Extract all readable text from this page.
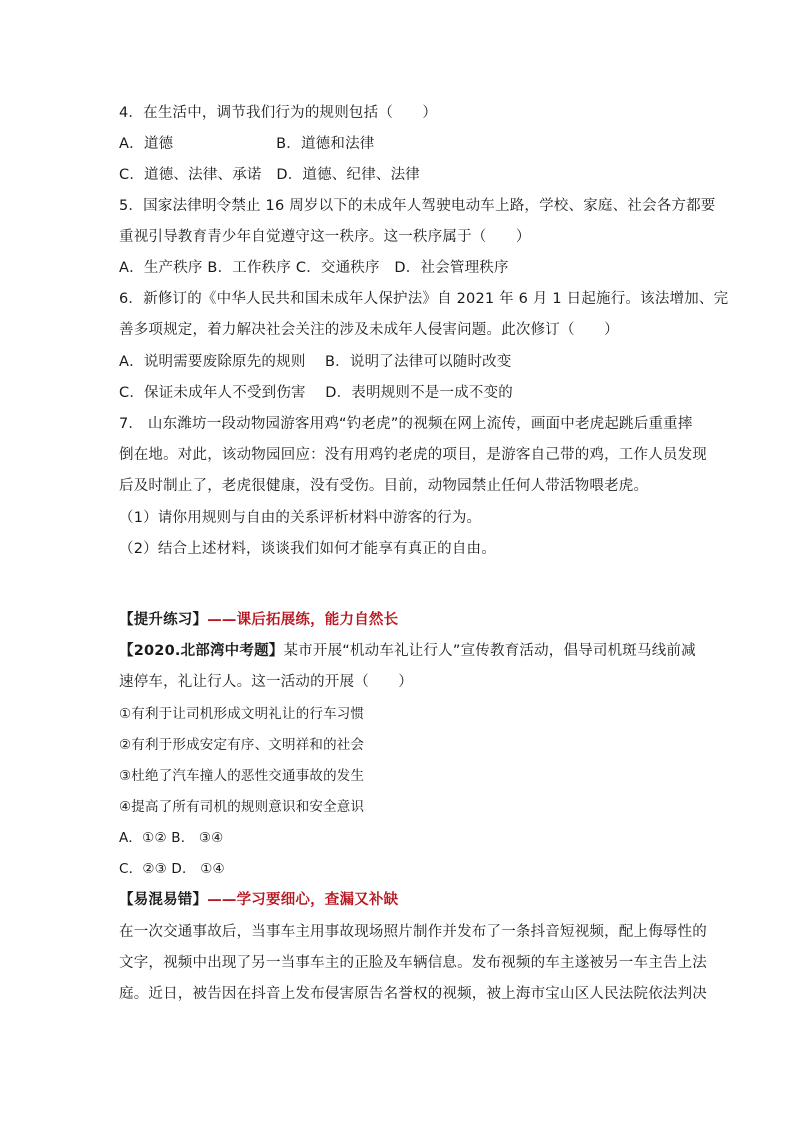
4．在生活中，调节我们行为的规则包括（　　）
A．道德　　　　　　　B．道德和法律
C．道德、法律、承诺　D．道德、纪律、法律
5．国家法律明令禁止 16 周岁以下的未成年人驾驶电动车上路，学校、家庭、社会各方都要
重视引导教育青少年自觉遵守这一秩序。这一秩序属于（　　）
A．生产秩序 B．工作秩序 C．交通秩序　D．社会管理秩序
6．新修订的《中华人民共和国未成年人保护法》自 2021 年 6 月 1 日起施行。该法增加、完
善多项规定，着力解决社会关注的涉及未成年人侵害问题。此次修订（　　）
A．说明需要废除原先的规则　 B．说明了法律可以随时改变
C．保证未成年人不受到伤害　 D．表明规则不是一成不变的
7． 山东潍坊一段动物园游客用鸡“钓老虎”的视频在网上流传，画面中老虎起跳后重重摔
倒在地。对此，该动物园回应：没有用鸡钓老虎的项目，是游客自己带的鸡，工作人员发现
后及时制止了，老虎很健康，没有受伤。目前，动物园禁止任何人带活物喂老虎。
（1）请你用规则与自由的关系评析材料中游客的行为。
（2）结合上述材料，谈谈我们如何才能享有真正的自由。
【提升练习】——课后拓展练，能力自然长
【2020.北部湾中考题】某市开展“机动车礼让行人”宣传教育活动，倡导司机斑马线前减
速停车，礼让行人。这一活动的开展（　　）
①有利于让司机形成文明礼让的行车习惯
②有利于形成安定有序、文明祥和的社会
③杜绝了汽车撞人的恶性交通事故的发生
④提高了所有司机的规则意识和安全意识
A．①② B． ③④
C．②③ D． ①④
【易混易错】——学习要细心，查漏又补缺
在一次交通事故后，当事车主用事故现场照片制作并发布了一条抖音短视频，配上侮辱性的
文字，视频中出现了另一当事车主的正脸及车辆信息。发布视频的车主遂被另一车主告上法
庭。近日，被告因在抖音上发布侵害原告名誉权的视频，被上海市宝山区人民法院依法判决
